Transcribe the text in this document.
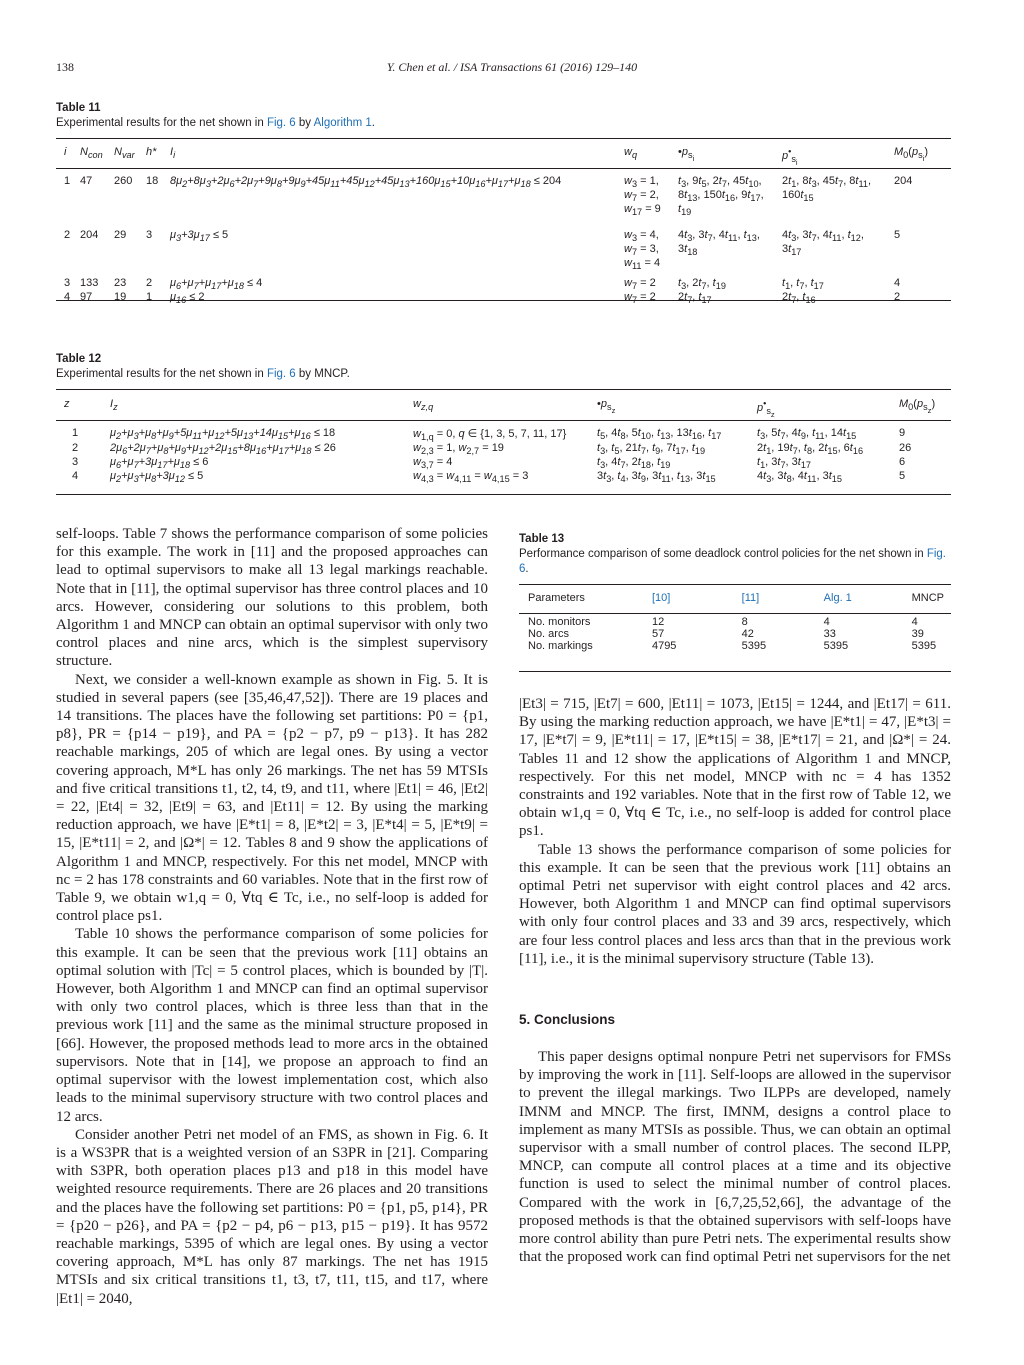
138	Y. Chen et al. / ISA Transactions 61 (2016) 129–140
Table 11
Experimental results for the net shown in Fig. 6 by Algorithm 1.
i	$N_{con}$	$N_{var}$	h*	$I_i$	$w_q$	$•p_{s_i}$	$p^•_{s_i}$	$M_0(p_{s_i})$
1	47	260	18	$8\mu_2+8\mu_3+2\mu_6+2\mu_7+9\mu_8+9\mu_9+45\mu_{11}+45\mu_{12}+45\mu_{13}+160\mu_{15}+10\mu_{16}+\mu_{17}+\mu_{18} \le 204$	$w_3 = 1$,
$w_7 = 2$,
$w_{17} = 9$	$t_3$, $9t_5$, $2t_7$, $45t_{10}$,
$8t_{13}$, $150t_{16}$, $9t_{17}$,
$t_{19}$	$2t_1$, $8t_3$, $45t_7$, $8t_{11}$,
$160t_{15}$	204
2	204	29	3	$\mu_3+3\mu_{17} \le 5$	$w_3 = 4$,
$w_7 = 3$,
$w_{11} = 4$	$4t_3$, $3t_7$, $4t_{11}$, $t_{13}$,
$3t_{18}$	$4t_3$, $3t_7$, $4t_{11}$, $t_{12}$,
$3t_{17}$	5
3	133	23	2	$\mu_6+\mu_7+\mu_{17}+\mu_{18} \le 4$	$w_7 = 2$	$t_3$, $2t_7$, $t_{19}$	$t_1$, $t_7$, $t_{17}$	4
4	97	19	1	$\mu_{16} \le 2$	$w_7 = 2$	$2t_7$, $t_{17}$	$2t_7$, $t_{16}$	2
Table 12
Experimental results for the net shown in Fig. 6 by MNCP.
z	$I_z$	$w_{z,q}$	$•p_{s_z}$	$p^•_{s_z}$	$M_0(p_{s_z})$
1	$\mu_2+\mu_3+\mu_8+\mu_9+5\mu_{11}+\mu_{12}+5\mu_{13}+14\mu_{15}+\mu_{16} \le 18$	$w_{1,q} = 0$, q ∈ {1, 3, 5, 7, 11, 17}	$t_5$, $4t_8$, $5t_{10}$, $t_{13}$, $13t_{16}$, $t_{17}$	$t_3$, $5t_7$, $4t_9$, $t_{11}$, $14t_{15}$	9
2	$2\mu_6+2\mu_7+\mu_8+\mu_9+\mu_{12}+2\mu_{15}+8\mu_{16}+\mu_{17}+\mu_{18} \le 26$	$w_{2,3} = 1$, $w_{2,7} = 19$	$t_3$, $t_5$, $21t_7$, $t_9$, $7t_{17}$, $t_{19}$	$2t_1$, $19t_7$, $t_8$, $2t_{15}$, $6t_{16}$	26
3	$\mu_6+\mu_7+3\mu_{17}+\mu_{18} \le 6$	$w_{3,7} = 4$	$t_3$, $4t_7$, $2t_{18}$, $t_{19}$	$t_1$, $3t_7$, $3t_{17}$	6
4	$\mu_2+\mu_3+\mu_8+3\mu_{12} \le 5$	$w_{4,3} = w_{4,11} = w_{4,15} = 3$	$3t_3$, $t_4$, $3t_9$, $3t_{11}$, $t_{13}$, $3t_{15}$	$4t_3$, $3t_8$, $4t_{11}$, $3t_{15}$	5

self-loops. Table 7 shows the performance comparison of some policies for this example. The work in [11] and the proposed approaches can lead to optimal supervisors to make all 13 legal markings reachable. Note that in [11], the optimal supervisor has three control places and 10 arcs. However, considering our solutions to this problem, both Algorithm 1 and MNCP can obtain an optimal supervisor with only two control places and nine arcs, which is the simplest supervisory structure.

Next, we consider a well-known example as shown in Fig. 5. It is studied in several papers (see [35,46,47,52]). There are 19 places and 14 transitions. The places have the following set partitions: P0 = {p1, p8}, PR = {p14 − p19}, and PA = {p2 − p7, p9 − p13}. It has 282 reachable markings, 205 of which are legal ones. By using a vector covering approach, M*L has only 26 markings. The net has 59 MTSIs and five critical transitions t1, t2, t4, t9, and t11, where |Et1| = 46, |Et2| = 22, |Et4| = 32, |Et9| = 63, and |Et11| = 12. By using the marking reduction approach, we have |E*t1| = 8, |E*t2| = 3, |E*t4| = 5, |E*t9| = 15, |E*t11| = 2, and |Ω*| = 12. Tables 8 and 9 show the applications of Algorithm 1 and MNCP, respectively. For this net model, MNCP with nc = 2 has 178 constraints and 60 variables. Note that in the first row of Table 9, we obtain w1,q = 0, ∀tq ∈ Tc, i.e., no self-loop is added for control place ps1.

Table 10 shows the performance comparison of some policies for this example. It can be seen that the previous work [11] obtains an optimal solution with |Tc| = 5 control places, which is bounded by |T|. However, both Algorithm 1 and MNCP can find an optimal supervisor with only two control places, which is three less than that in the previous work [11] and the same as the minimal structure proposed in [66]. However, the proposed methods lead to more arcs in the obtained supervisors. Note that in [14], we propose an approach to find an optimal supervisor with the lowest implementation cost, which also leads to the minimal supervisory structure with two control places and 12 arcs.

Consider another Petri net model of an FMS, as shown in Fig. 6. It is a WS3PR that is a weighted version of an S3PR in [21]. Comparing with S3PR, both operation places p13 and p18 in this model have weighted resource requirements. There are 26 places and 20 transitions and the places have the following set partitions: P0 = {p1, p5, p14}, PR = {p20 − p26}, and PA = {p2 − p4, p6 − p13, p15 − p19}. It has 9572 reachable markings, 5395 of which are legal ones. By using a vector covering approach, M*L has only 87 markings. The net has 1915 MTSIs and six critical transitions t1, t3, t7, t11, t15, and t17, where |Et1| = 2040,

Table 13
Performance comparison of some deadlock control policies for the net shown in Fig. 6.
Parameters	[10]	[11]	Alg. 1	MNCP
No. monitors	12	8	4	4
No. arcs	57	42	33	39
No. markings	4795	5395	5395	5395

|Et3| = 715, |Et7| = 600, |Et11| = 1073, |Et15| = 1244, and |Et17| = 611. By using the marking reduction approach, we have |E*t1| = 47, |E*t3| = 17, |E*t7| = 9, |E*t11| = 17, |E*t15| = 38, |E*t17| = 21, and |Ω*| = 24. Tables 11 and 12 show the applications of Algorithm 1 and MNCP, respectively. For this net model, MNCP with nc = 4 has 1352 constraints and 192 variables. Note that in the first row of Table 12, we obtain w1,q = 0, ∀tq ∈ Tc, i.e., no self-loop is added for control place ps1.

Table 13 shows the performance comparison of some policies for this example. It can be seen that the previous work [11] obtains an optimal Petri net supervisor with eight control places and 42 arcs. However, both Algorithm 1 and MNCP can find optimal supervisors with only four control places and 33 and 39 arcs, respectively, which are four less control places and less arcs than that in the previous work [11], i.e., it is the minimal supervisory structure (Table 13).

5. Conclusions

This paper designs optimal nonpure Petri net supervisors for FMSs by improving the work in [11]. Self-loops are allowed in the supervisor to prevent the illegal markings. Two ILPPs are developed, namely IMNM and MNCP. The first, IMNM, designs a control place to implement as many MTSIs as possible. Thus, we can obtain an optimal supervisor with a small number of control places. The second ILPP, MNCP, can compute all control places at a time and its objective function is used to select the minimal number of control places. Compared with the work in [6,7,25,52,66], the advantage of the proposed methods is that the obtained supervisors with self-loops have more control ability than pure Petri nets. The experimental results show that the proposed work can find optimal Petri net supervisors for the net
